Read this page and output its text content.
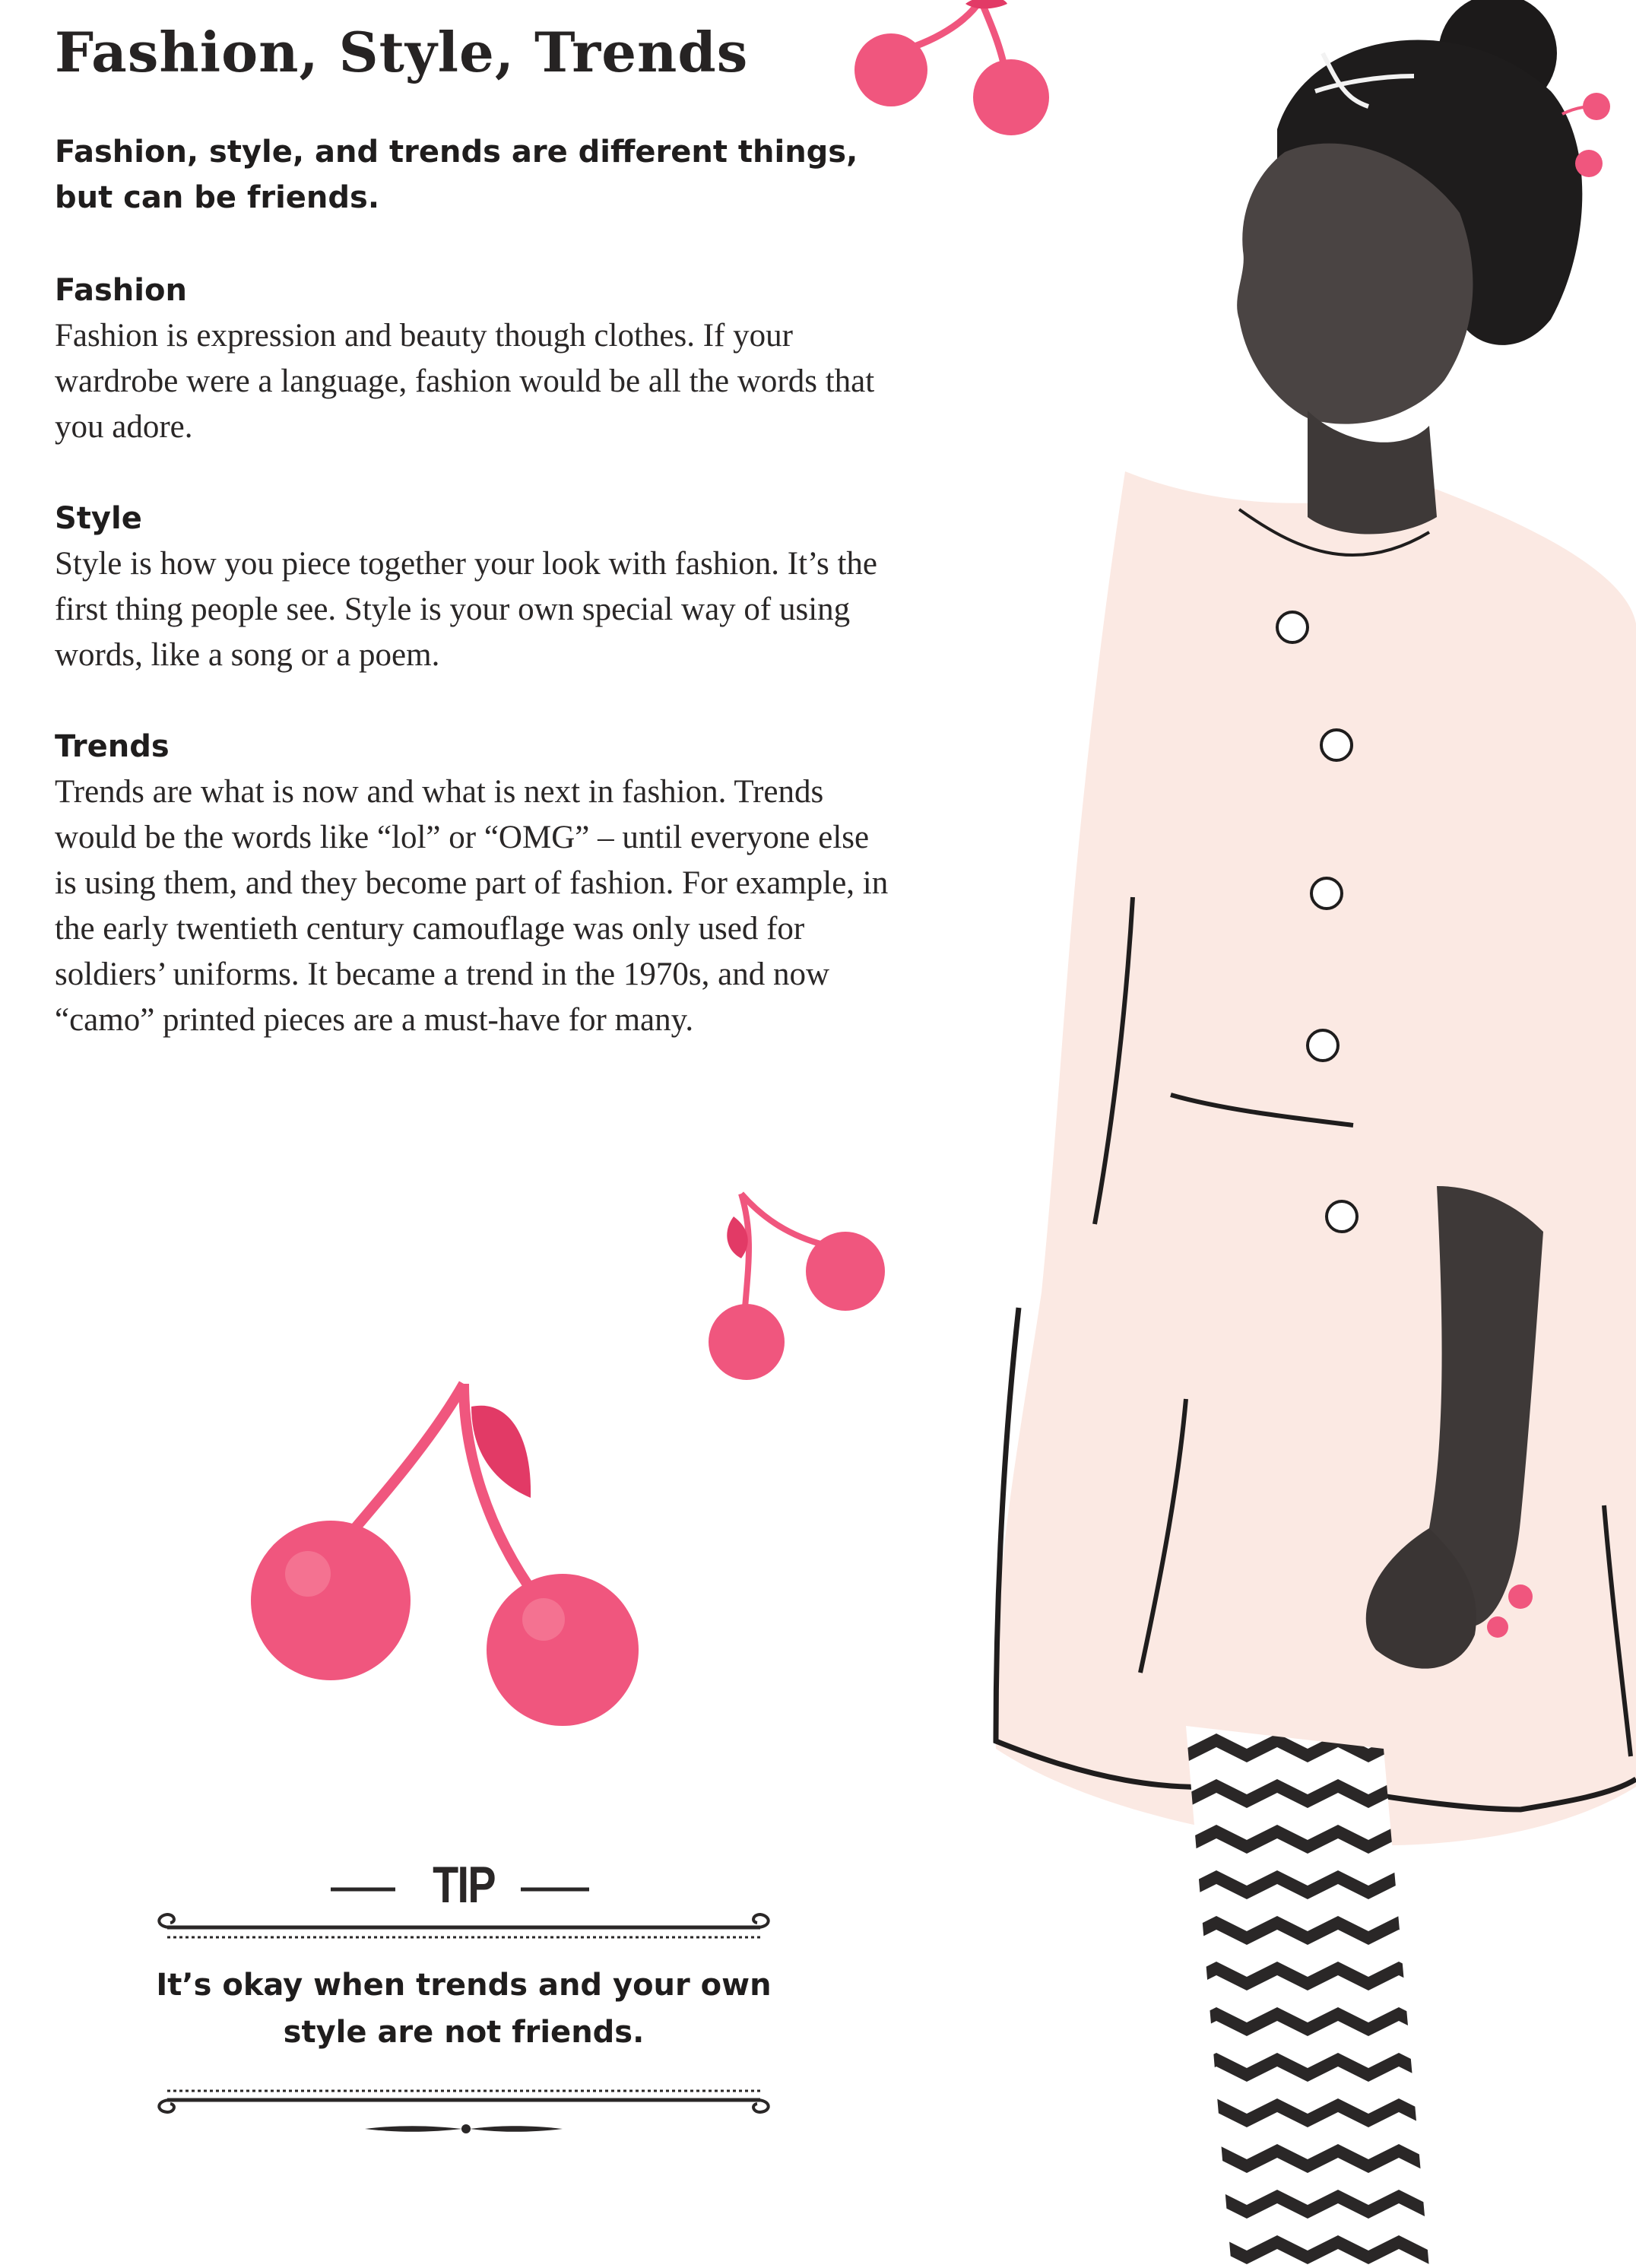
Fashion, Style, Trends

Fashion, style, and trends are different things, but can be friends.

Fashion

Fashion is expression and beauty though clothes. If your wardrobe were a language, fashion would be all the words that you adore.

Style

Style is how you piece together your look with fashion. It’s the first thing people see. Style is your own special way of using words, like a song or a poem.

Trends

Trends are what is now and what is next in fashion. Trends would be the words like “lol” or “OMG” – until everyone else is using them, and they become part of fashion. For example, in the early twentieth century camouflage was only used for soldiers’ uniforms. It became a trend in the 1970s, and now “camo” printed pieces are a must-have for many.

TIP
It’s okay when trends and your own style are not friends.
